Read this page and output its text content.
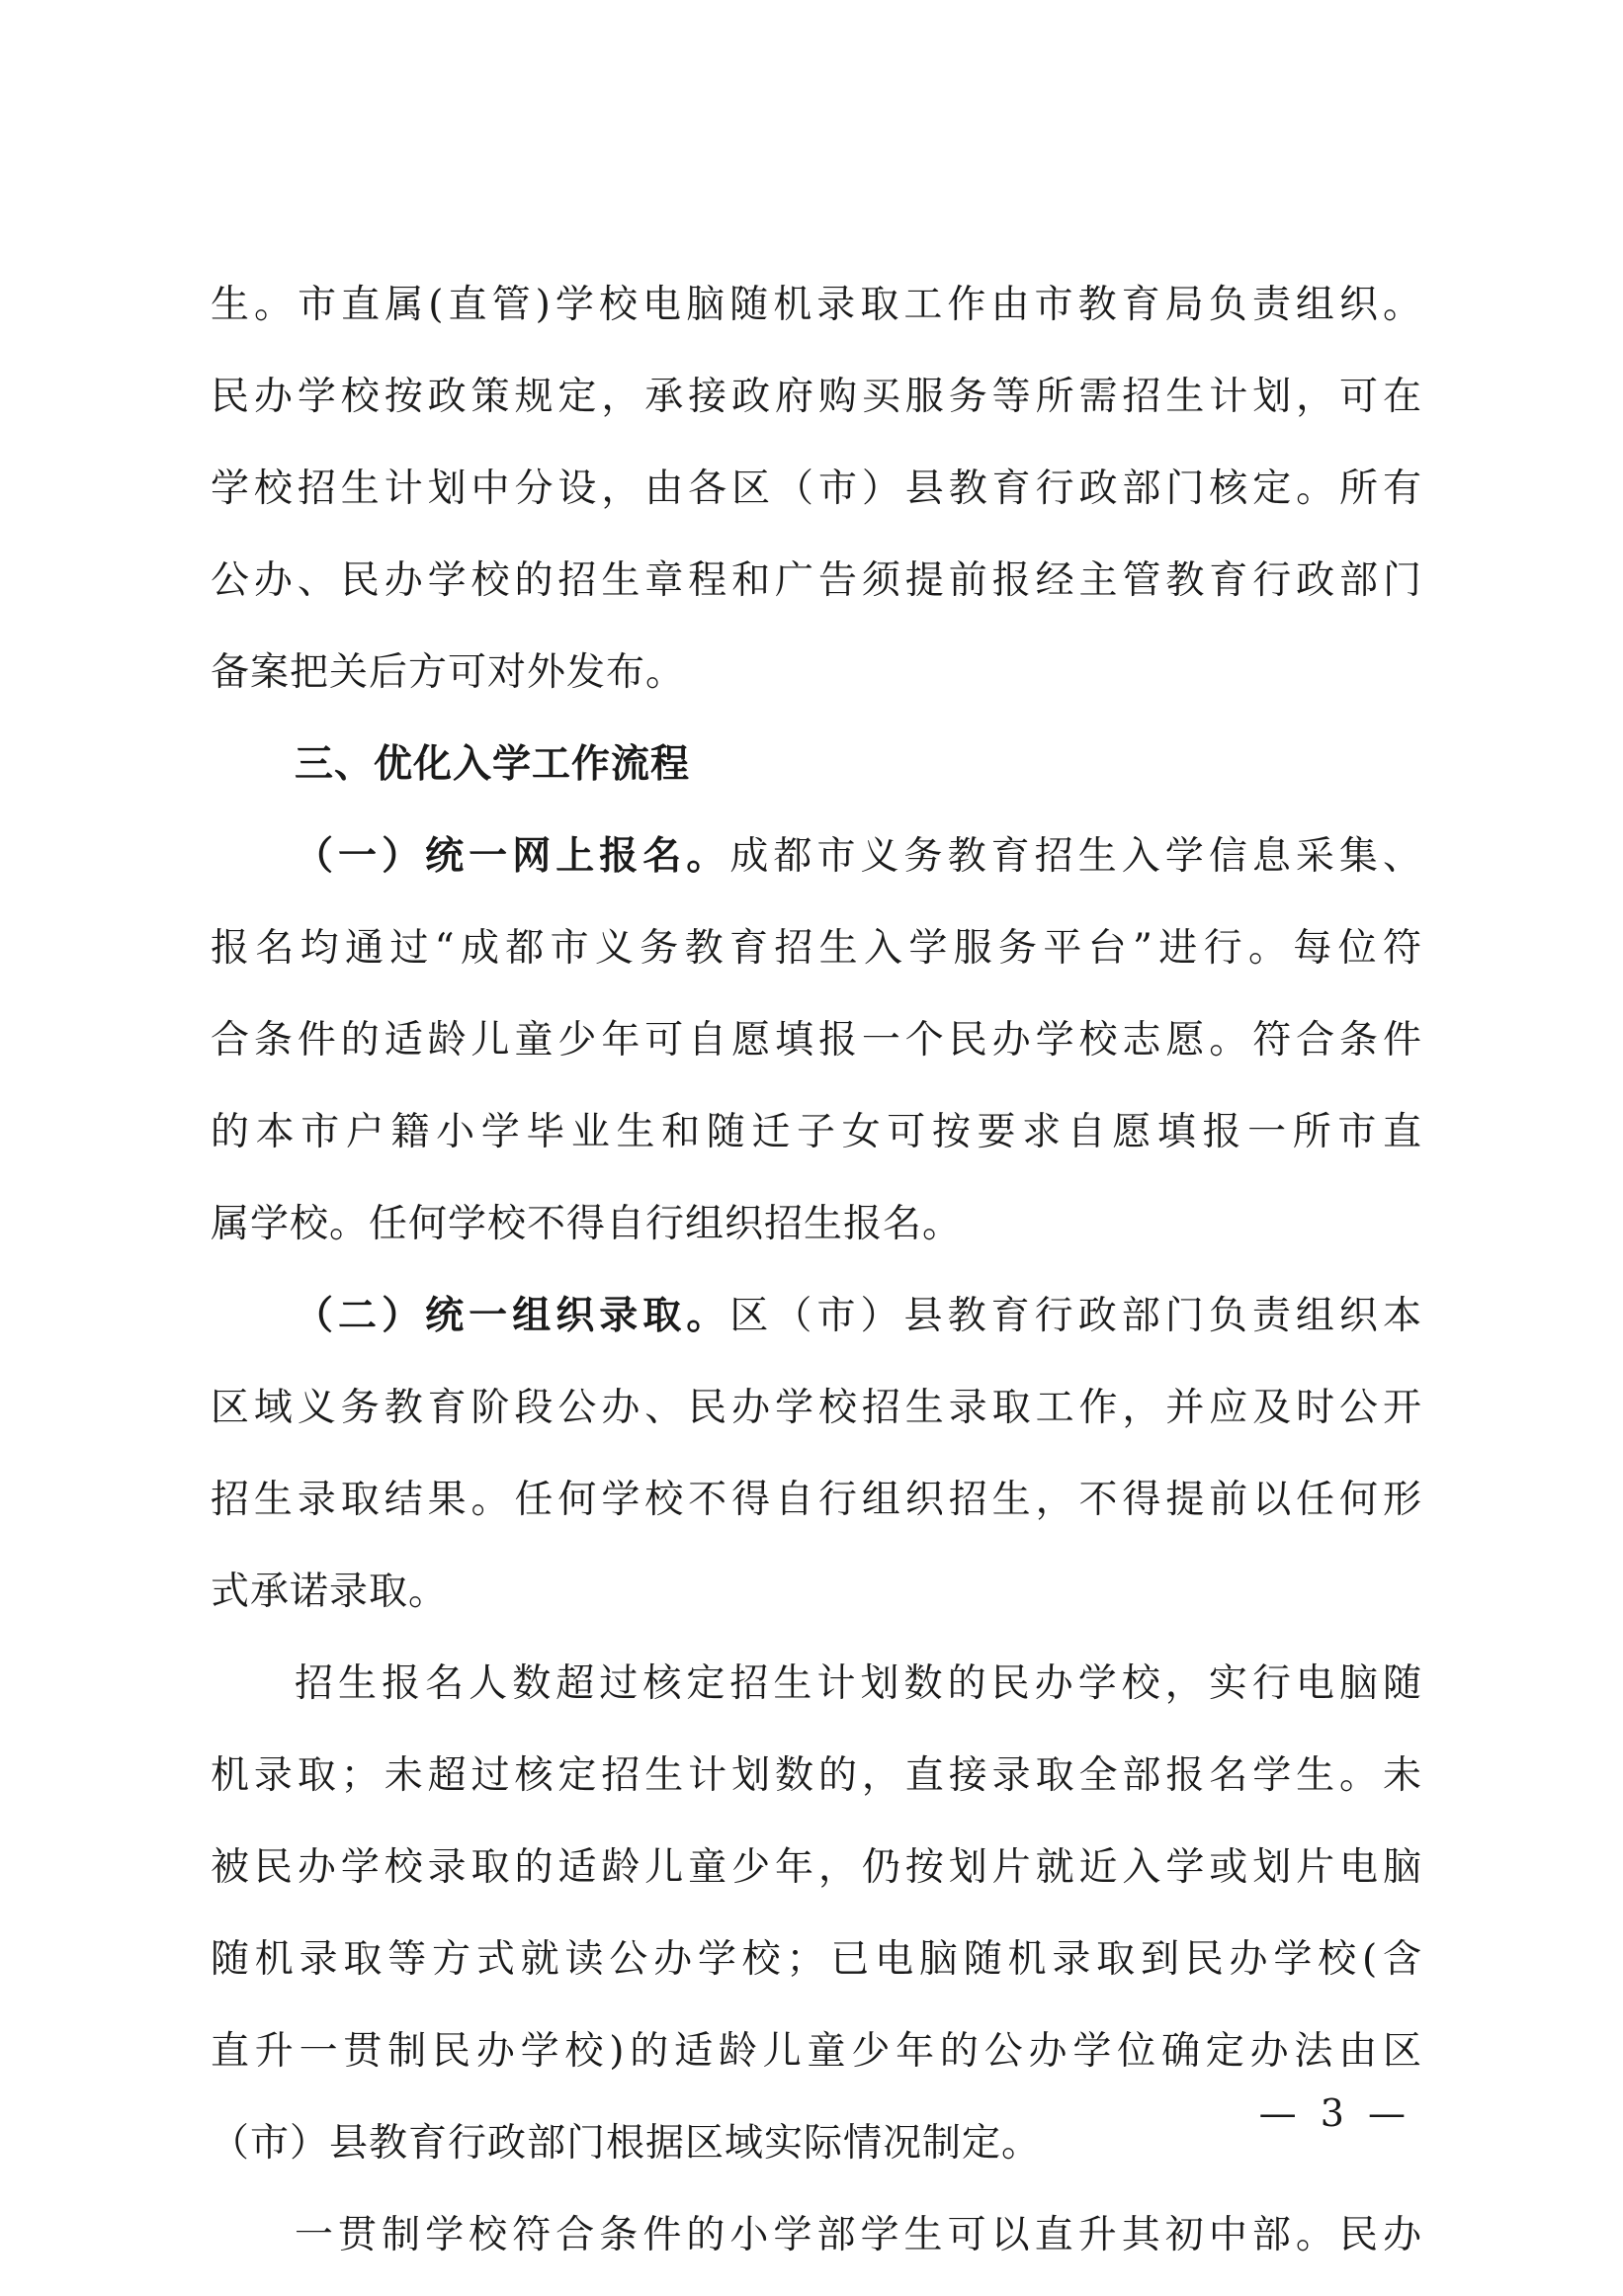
生。市直属(直管)学校电脑随机录取工作由市教育局负责组织。

民办学校按政策规定，承接政府购买服务等所需招生计划，可在

学校招生计划中分设，由各区（市）县教育行政部门核定。所有

公办、民办学校的招生章程和广告须提前报经主管教育行政部门

备案把关后方可对外发布。

三、优化入学工作流程

（一）统一网上报名。成都市义务教育招生入学信息采集、

报名均通过“成都市义务教育招生入学服务平台”进行。每位符

合条件的适龄儿童少年可自愿填报一个民办学校志愿。符合条件

的本市户籍小学毕业生和随迁子女可按要求自愿填报一所市直

属学校。任何学校不得自行组织招生报名。

（二）统一组织录取。区（市）县教育行政部门负责组织本

区域义务教育阶段公办、民办学校招生录取工作，并应及时公开

招生录取结果。任何学校不得自行组织招生，不得提前以任何形

式承诺录取。

招生报名人数超过核定招生计划数的民办学校，实行电脑随

机录取；未超过核定招生计划数的，直接录取全部报名学生。未

被民办学校录取的适龄儿童少年，仍按划片就近入学或划片电脑

随机录取等方式就读公办学校；已电脑随机录取到民办学校(含

直升一贯制民办学校)的适龄儿童少年的公办学位确定办法由区

（市）县教育行政部门根据区域实际情况制定。

一贯制学校符合条件的小学部学生可以直升其初中部。民办

— 3 —
